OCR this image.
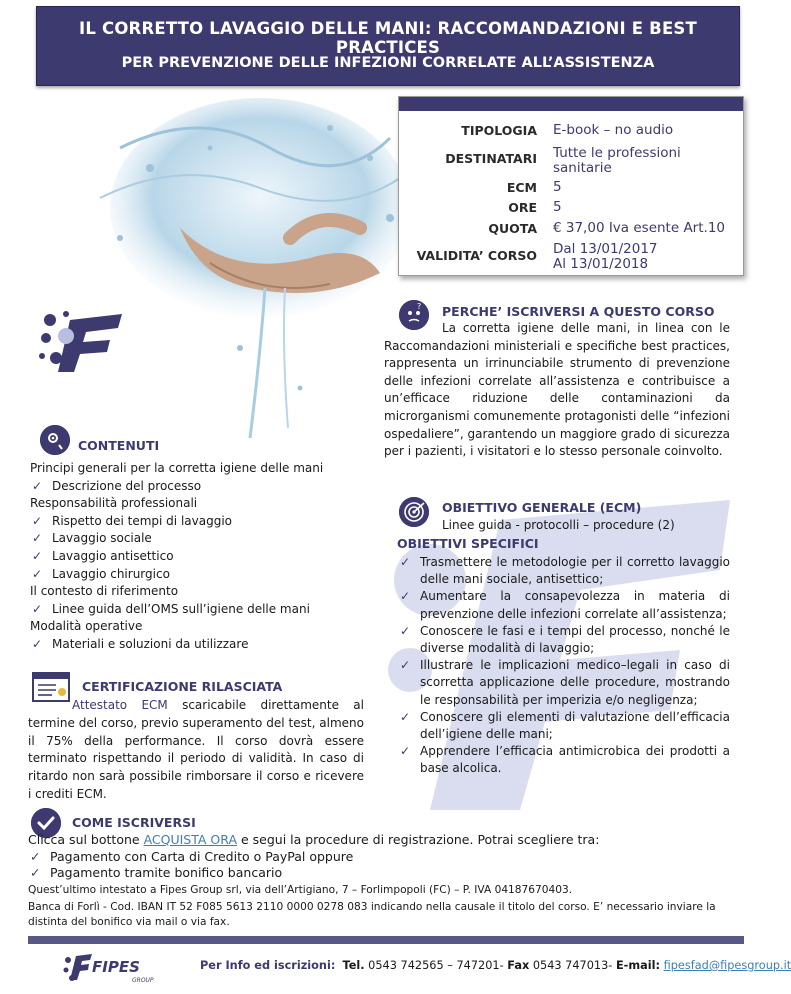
IL CORRETTO LAVAGGIO DELLE MANI: RACCOMANDAZIONI E BEST PRACTICES
PER PREVENZIONE DELLE INFEZIONI CORRELATE ALL’ASSISTENZA
TIPOLOGIA E-book – no audio
DESTINATARI Tutte le professioni
sanitarie
ECM 5
ORE 5
QUOTA € 37,00 Iva esente Art.10
VALIDITA’ CORSO Dal 13/01/2017
Al 13/01/2018
? PERCHE’ ISCRIVERSI A QUESTO CORSO
La corretta igiene delle mani, in linea con le Raccomandazioni ministeriali e specifiche best practices, rappresenta un irrinunciabile strumento di prevenzione delle infezioni correlate all’assistenza e contribuisce a un’efficace riduzione delle contaminazioni da microrganismi comunemente protagonisti delle “infezioni ospedaliere”, garantendo un maggiore grado di sicurezza per i pazienti, i visitatori e lo stesso personale coinvolto.
CONTENUTI
Principi generali per la corretta igiene delle mani
✓ Descrizione del processo
Responsabilità professionali
✓ Rispetto dei tempi di lavaggio
✓ Lavaggio sociale
✓ Lavaggio antisettico
✓ Lavaggio chirurgico
Il contesto di riferimento
✓ Linee guida dell’OMS sull’igiene delle mani
Modalità operative
✓ Materiali e soluzioni da utilizzare
OBIETTIVO GENERALE (ECM)
Linee guida - protocolli – procedure (2)
OBIETTIVI SPECIFICI
✓ Trasmettere le metodologie per il corretto lavaggio delle mani sociale, antisettico;
✓ Aumentare la consapevolezza in materia di prevenzione delle infezioni correlate all’assistenza;
✓ Conoscere le fasi e i tempi del processo, nonché le diverse modalità di lavaggio;
✓ Illustrare le implicazioni medico–legali in caso di scorretta applicazione delle procedure, mostrando le responsabilità per imperizia e/o negligenza;
✓ Conoscere gli elementi di valutazione dell’efficacia dell’igiene delle mani;
✓ Apprendere l’efficacia antimicrobica dei prodotti a base alcolica.
CERTIFICAZIONE RILASCIATA
Attestato ECM scaricabile direttamente al termine del corso, previo superamento del test, almeno il 75% della performance. Il corso dovrà essere terminato rispettando il periodo di validità. In caso di ritardo non sarà possibile rimborsare il corso e ricevere i crediti ECM.
COME ISCRIVERSI
Clicca sul bottone ACQUISTA ORA e segui la procedure di registrazione. Potrai scegliere tra:
✓ Pagamento con Carta di Credito o PayPal oppure
✓ Pagamento tramite bonifico bancario
Quest’ultimo intestato a Fipes Group srl, via dell’Artigiano, 7 – Forlimpopoli (FC) – P. IVA 04187670403.
Banca di Forlì - Cod. IBAN IT 52 F085 5613 2110 0000 0278 083 indicando nella causale il titolo del corso. E’ necessario inviare la distinta del bonifico via mail o via fax.
FIPES
GROUP
Per Info ed iscrizioni: Tel. 0543 742565 – 747201- Fax 0543 747013- E-mail: fipesfad@fipesgroup.it
